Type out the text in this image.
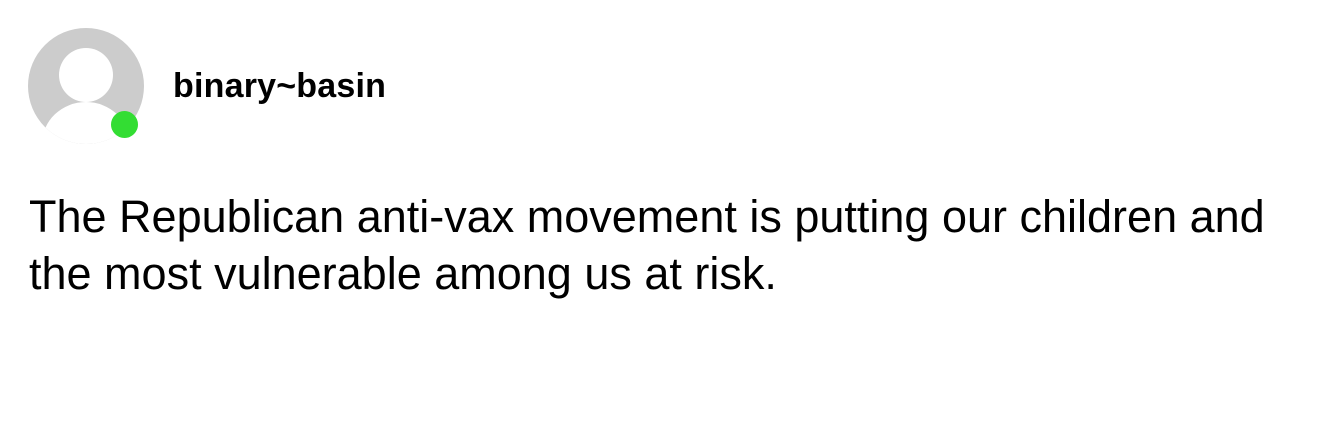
binary~basin

The Republican anti-vax movement is putting our children and the most vulnerable among us at risk.
